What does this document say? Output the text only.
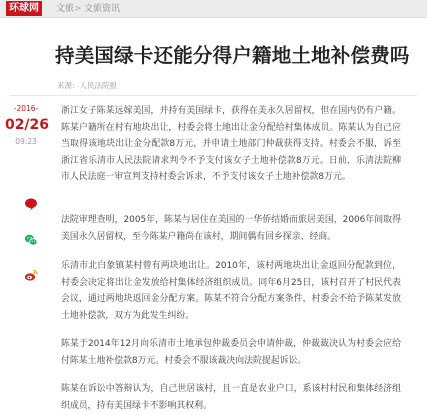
环球网	文旅 > 文旅资讯
持美国绿卡还能分得户籍地土地补偿费吗
来源：人民法院报
-2016-
02/26
09:23

浙江女子陈某远嫁美国，并持有美国绿卡，获得在美永久居留权，但在国内仍有户籍。陈某户籍所在村有地块出让，村委会将土地出让金分配给村集体成员。陈某认为自己应当取得该地块出让金分配款8万元，并申请土地部门仲裁获得支持。村委会不服，诉至浙江省乐清市人民法院请求判令不予支付该女子土地补偿款8万元。日前，乐清法院柳市人民法庭一审宣判支持村委会诉求，不予支付该女子土地补偿款8万元。

法院审理查明，2005年，陈某与居住在美国的一华侨结婚而旅居美国，2006年间取得美国永久居留权，至今陈某户籍尚在该村，期间偶有回乡探亲、经商。

乐清市北白象镇某村曾有两块地出让。2010年，该村两地块出让金返回分配款到位，村委会决定将出让金发放给村集体经济组织成员。同年6月25日，该村召开了村民代表会议，通过两地块返回金分配方案。陈某不符合分配方案条件，村委会不给予陈某发放土地补偿款，双方为此发生纠纷。

陈某于2014年12月向乐清市土地承包仲裁委员会申请仲裁，仲裁裁决认为村委会应给付陈某土地补偿款8万元。村委会不服该裁决向法院提起诉讼。

陈某在诉讼中答辩认为，自己世居该村，且一直是农业户口，系该村村民和集体经济组织成员，持有美国绿卡不影响其权利。
